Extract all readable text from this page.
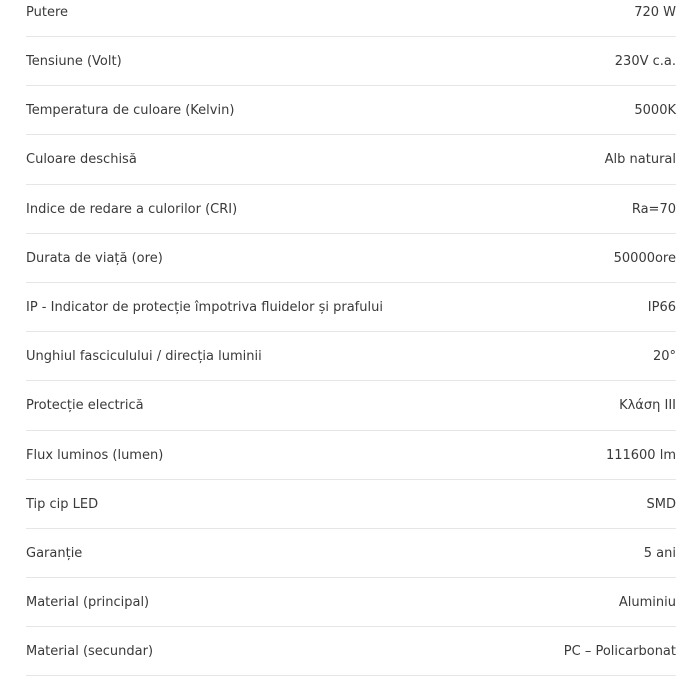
Putere	720 W
Tensiune (Volt)	230V c.a.
Temperatura de culoare (Kelvin)	5000K
Culoare deschisă	Alb natural
Indice de redare a culorilor (CRI)	Ra=70
Durata de viață (ore)	50000ore
IP - Indicator de protecție împotriva fluidelor și prafului	IP66
Unghiul fasciculului / direcția luminii	20°
Protecție electrică	Κλάση III
Flux luminos (lumen)	111600 lm
Tip cip LED	SMD
Garanție	5 ani
Material (principal)	Aluminiu
Material (secundar)	PC – Policarbonat
